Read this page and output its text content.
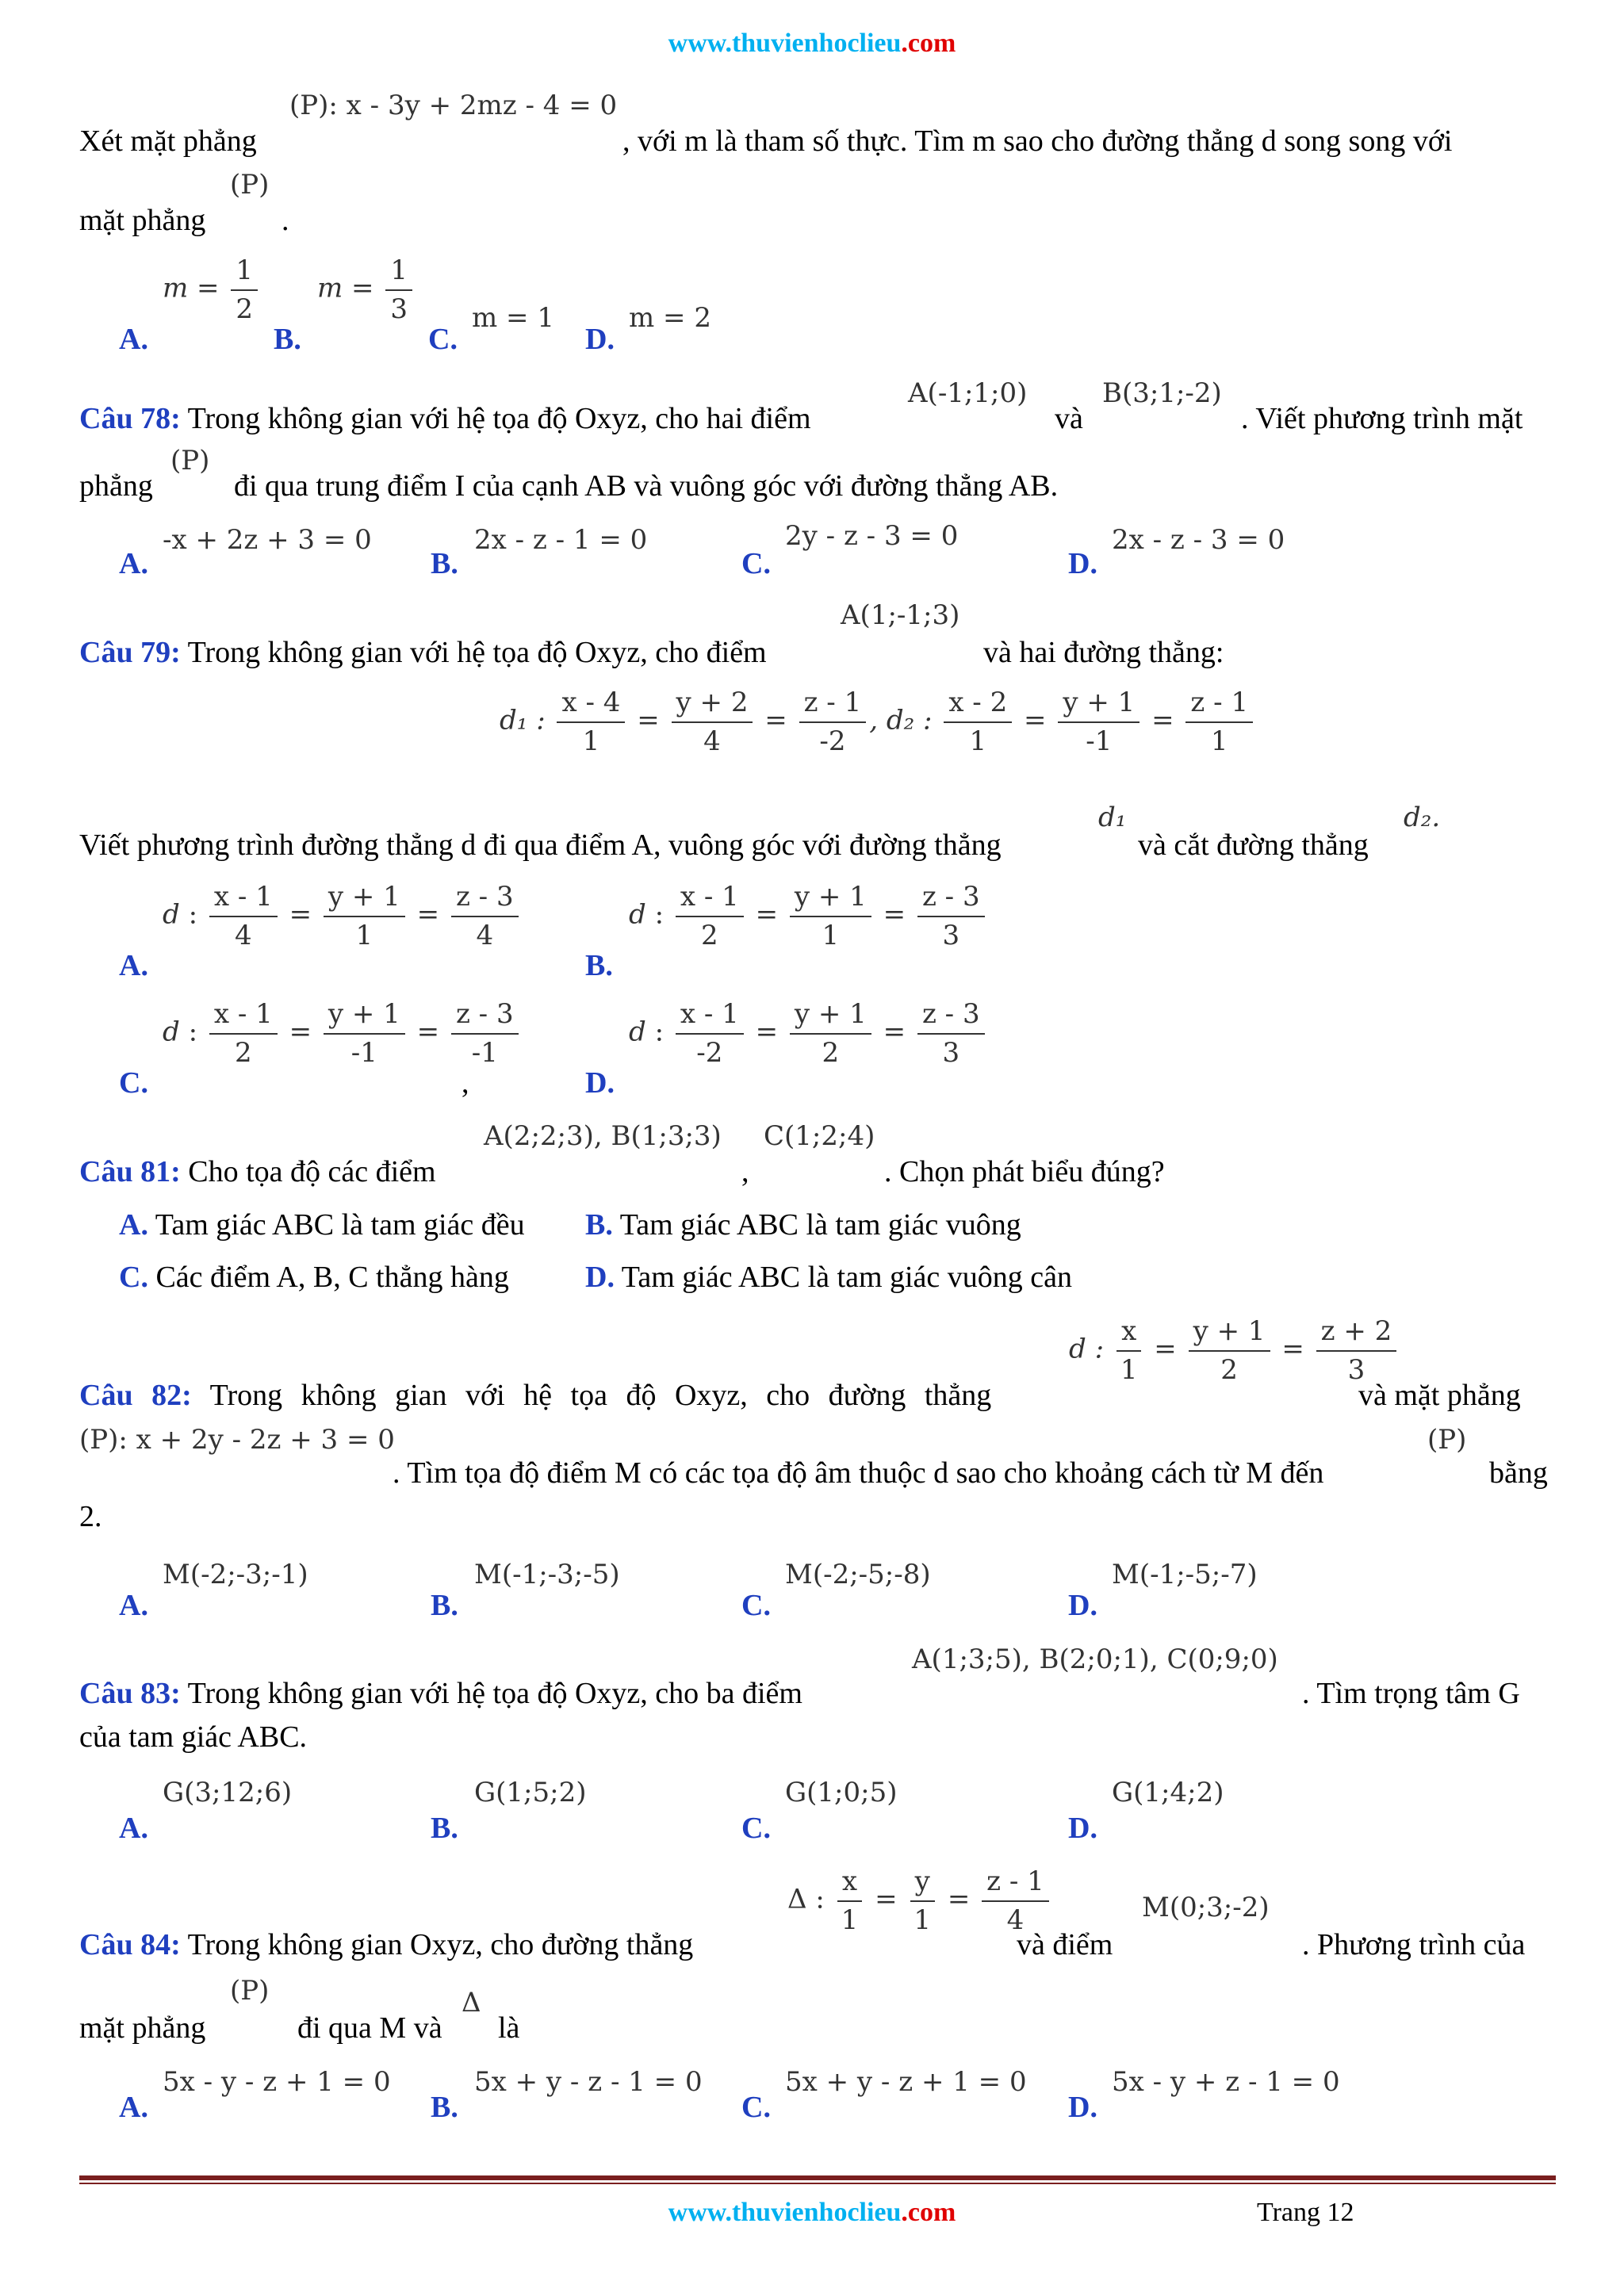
www.thuvienhoclieu.com
Xét mặt phẳng
(P): x - 3y + 2mz - 4 = 0
, với m là tham số thực. Tìm m sao cho đường thẳng d song song với
mặt phẳng
(P)
.
A.
$m = \frac{1}{2}$
B.
$m = \frac{1}{3}$
C.
m = 1
D.
m = 2
Câu 78: Trong không gian với hệ tọa độ Oxyz, cho hai điểm
A(-1;1;0)
và
B(3;1;-2)
. Viết phương trình mặt
phẳng
(P)
đi qua trung điểm I của cạnh AB và vuông góc với đường thẳng AB.
A.
-x + 2z + 3 = 0
B.
2x - z - 1 = 0
C.
2y - z - 3 = 0
D.
2x - z - 3 = 0
Câu 79: Trong không gian với hệ tọa độ Oxyz, cho điểm
A(1;-1;3)
và hai đường thẳng:
d₁ : $\frac{x - 4}{1} = \frac{y + 2}{4} = \frac{z - 1}{-2}$ , d₂ : $\frac{x - 2}{1} = \frac{y + 1}{-1} = \frac{z - 1}{1}$
Viết phương trình đường thẳng d đi qua điểm A, vuông góc với đường thẳng
d₁
và cắt đường thẳng
d₂.
A.
d : $\frac{x - 1}{4} = \frac{y + 1}{1} = \frac{z - 3}{4}$
B.
d : $\frac{x - 1}{2} = \frac{y + 1}{1} = \frac{z - 3}{3}$
C.
d : $\frac{x - 1}{2} = \frac{y + 1}{-1} = \frac{z - 3}{-1}$
,	D.
d : $\frac{x - 1}{-2} = \frac{y + 1}{2} = \frac{z - 3}{3}$
Câu 81: Cho tọa độ các điểm
A(2;2;3), B(1;3;3)
,
C(1;2;4)
. Chọn phát biểu đúng?
A. Tam giác ABC là tam giác đều B. Tam giác ABC là tam giác vuông
C. Các điểm A, B, C thẳng hàng	D. Tam giác ABC là tam giác vuông cân
Câu 82: Trong không gian với hệ tọa độ Oxyz, cho đường thẳng
d : $\frac{x}{1} = \frac{y + 1}{2} = \frac{z + 2}{3}$
và mặt phẳng
(P): x + 2y - 2z + 3 = 0
. Tìm tọa độ điểm M có các tọa độ âm thuộc d sao cho khoảng cách từ M đến
(P)
bằng
2.
A.
M(-2;-3;-1)
B.
M(-1;-3;-5)
C.
M(-2;-5;-8)
D.
M(-1;-5;-7)
Câu 83: Trong không gian với hệ tọa độ Oxyz, cho ba điểm
A(1;3;5), B(2;0;1), C(0;9;0)
. Tìm trọng tâm G
của tam giác ABC.
A.
G(3;12;6)
B.
G(1;5;2)
C.
G(1;0;5)
D.
G(1;4;2)
Câu 84: Trong không gian Oxyz, cho đường thẳng
Δ : $\frac{x}{1} = \frac{y}{1} = \frac{z - 1}{4}$
và điểm
M(0;3;-2)
. Phương trình của
mặt phẳng
(P)
đi qua M và
Δ
là
A.
5x - y - z + 1 = 0
B.
5x + y - z - 1 = 0
C.
5x + y - z + 1 = 0
D.
5x - y + z - 1 = 0
www.thuvienhoclieu.com	Trang 12
